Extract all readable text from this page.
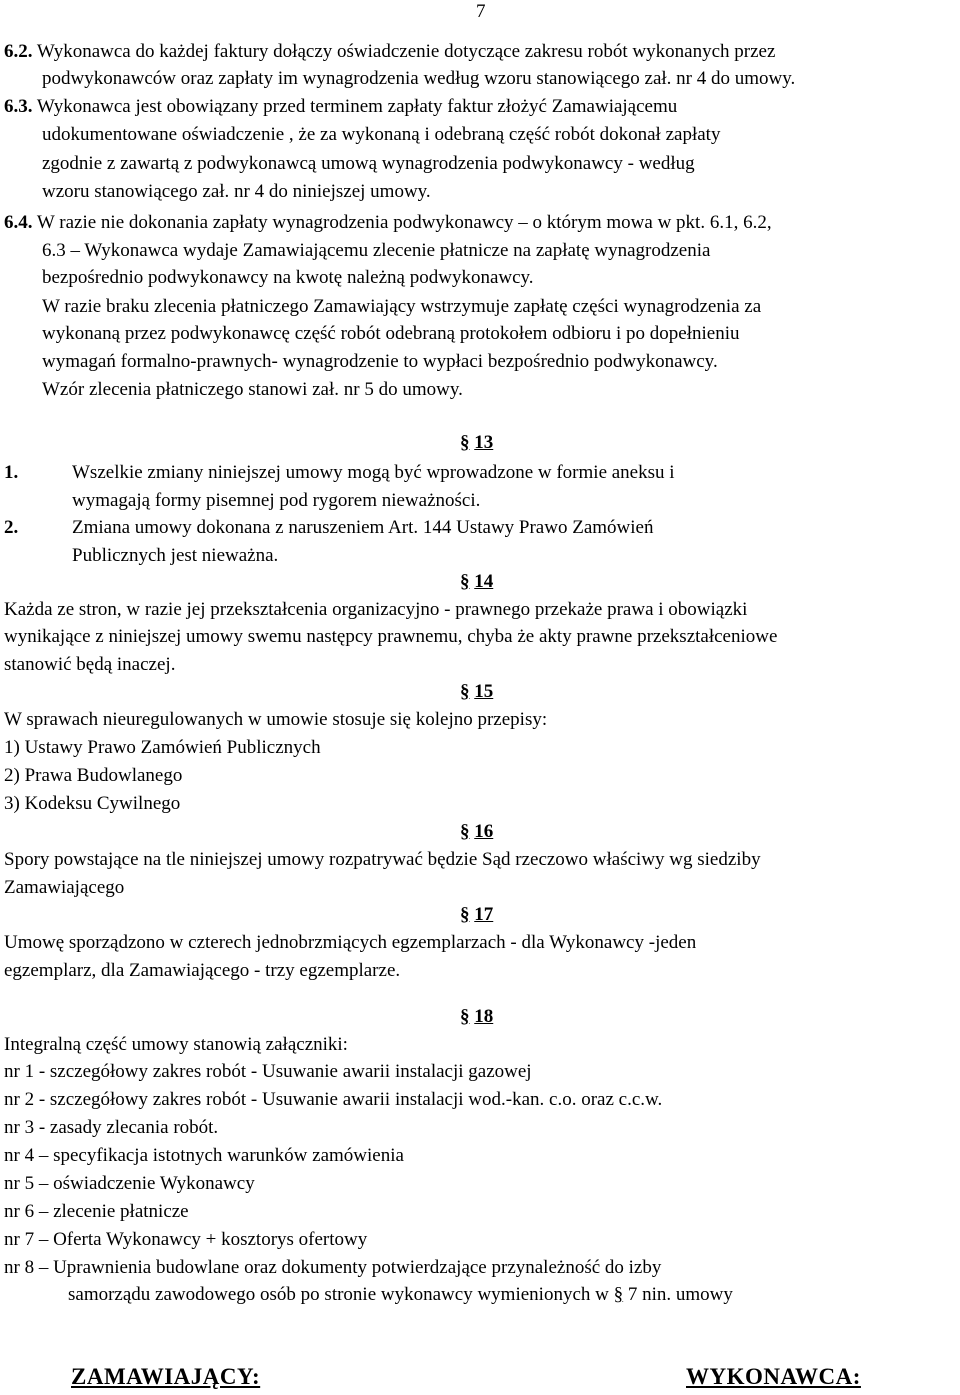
7
6.2. Wykonawca do każdej faktury dołączy oświadczenie dotyczące zakresu robót wykonanych przez
podwykonawców oraz zapłaty im wynagrodzenia według wzoru stanowiącego zał. nr 4 do umowy.
6.3. Wykonawca jest obowiązany przed terminem zapłaty faktur złożyć Zamawiającemu
udokumentowane oświadczenie , że za wykonaną i odebraną część robót dokonał zapłaty
zgodnie z zawartą z podwykonawcą umową wynagrodzenia podwykonawcy - według
wzoru stanowiącego zał. nr 4 do niniejszej umowy.
6.4. W razie nie dokonania zapłaty wynagrodzenia podwykonawcy – o którym mowa w pkt. 6.1, 6.2,
6.3 – Wykonawca wydaje Zamawiającemu zlecenie płatnicze na zapłatę wynagrodzenia
bezpośrednio podwykonawcy na kwotę należną podwykonawcy.
W razie braku zlecenia płatniczego Zamawiający wstrzymuje zapłatę części wynagrodzenia za
wykonaną przez podwykonawcę część robót odebraną protokołem odbioru i po dopełnieniu
wymagań formalno-prawnych- wynagrodzenie to wypłaci bezpośrednio podwykonawcy.
Wzór zlecenia płatniczego stanowi zał. nr 5 do umowy.
§ 13
1.	Wszelkie zmiany niniejszej umowy mogą być wprowadzone w formie aneksu i
wymagają formy pisemnej pod rygorem nieważności.
2.	Zmiana umowy dokonana z naruszeniem Art. 144 Ustawy Prawo Zamówień
Publicznych jest nieważna.
§ 14
Każda ze stron, w razie jej przekształcenia organizacyjno - prawnego przekaże prawa i obowiązki
wynikające z niniejszej umowy swemu następcy prawnemu, chyba że akty prawne przekształceniowe
stanowić będą inaczej.
§ 15
W sprawach nieuregulowanych w umowie stosuje się kolejno przepisy:
1) Ustawy Prawo Zamówień Publicznych
2) Prawa Budowlanego
3) Kodeksu Cywilnego
§ 16
Spory powstające na tle niniejszej umowy rozpatrywać będzie Sąd rzeczowo właściwy wg siedziby
Zamawiającego
§ 17
Umowę sporządzono w czterech jednobrzmiących egzemplarzach - dla Wykonawcy -jeden
egzemplarz, dla Zamawiającego - trzy egzemplarze.
§ 18
Integralną część umowy stanowią załączniki:
nr 1 - szczegółowy zakres robót - Usuwanie awarii instalacji gazowej
nr 2 - szczegółowy zakres robót - Usuwanie awarii instalacji wod.-kan. c.o. oraz c.c.w.
nr 3 - zasady zlecania robót.
nr 4 – specyfikacja istotnych warunków zamówienia
nr 5 – oświadczenie Wykonawcy
nr 6 – zlecenie płatnicze
nr 7 – Oferta Wykonawcy + kosztorys ofertowy
nr 8 – Uprawnienia budowlane oraz dokumenty potwierdzające przynależność do izby
samorządu zawodowego osób po stronie wykonawcy wymienionych w § 7 nin. umowy
ZAMAWIAJĄCY:	WYKONAWCA:
